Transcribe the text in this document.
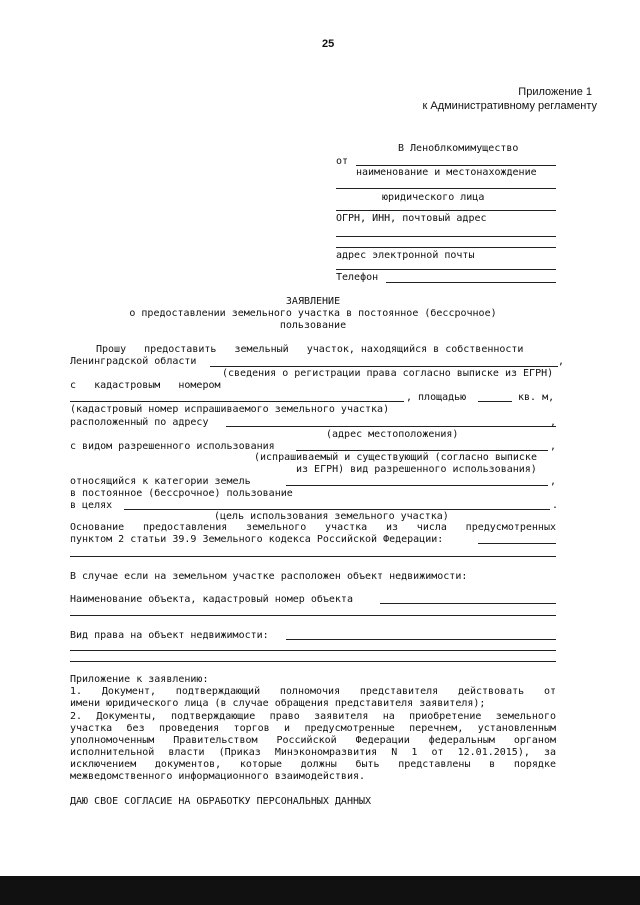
25
Приложение 1
к Административному регламенту
В Леноблкомимущество
от
наименование и местонахождение
юридического лица
ОГРН, ИНН, почтовый адрес
адрес электронной почты
Телефон
ЗАЯВЛЕНИЕ
о предоставлении земельного участка в постоянное (бессрочное)
пользование
Прошу   предоставить   земельный   участок, находящийся в собственности
Ленинградской области	,
(сведения о регистрации права согласно выписке из ЕГРН)
с   кадастровым   номером
, площадью	кв. м,
(кадастровый номер испрашиваемого земельного участка)
расположенный по адресу	,
(адрес местоположения)
с видом разрешенного использования	,
(испрашиваемый и существующий (согласно выписке
из ЕГРН) вид разрешенного использования)
относящийся к категории земель	,
в постоянное (бессрочное) пользование
в целях	.
(цель использования земельного участка)
Основание предоставления земельного участка из числа предусмотренных
пунктом 2 статьи 39.9 Земельного кодекса Российской Федерации:
В случае если на земельном участке расположен объект недвижимости:
Наименование объекта, кадастровый номер объекта
Вид права на объект недвижимости:
Приложение к заявлению:
1. Документ, подтверждающий полномочия представителя действовать от
имени юридического лица (в случае обращения представителя заявителя);
2. Документы, подтверждающие право заявителя на приобретение земельного
участка без проведения торгов и предусмотренные перечнем, установленным
уполномоченным Правительством Российской Федерации федеральным органом
исполнительной власти (Приказ Минэкономразвития N 1 от 12.01.2015), за
исключением документов, которые должны быть представлены в порядке
межведомственного информационного взаимодействия.
ДАЮ СВОЕ СОГЛАСИЕ НА ОБРАБОТКУ ПЕРСОНАЛЬНЫХ ДАННЫХ
